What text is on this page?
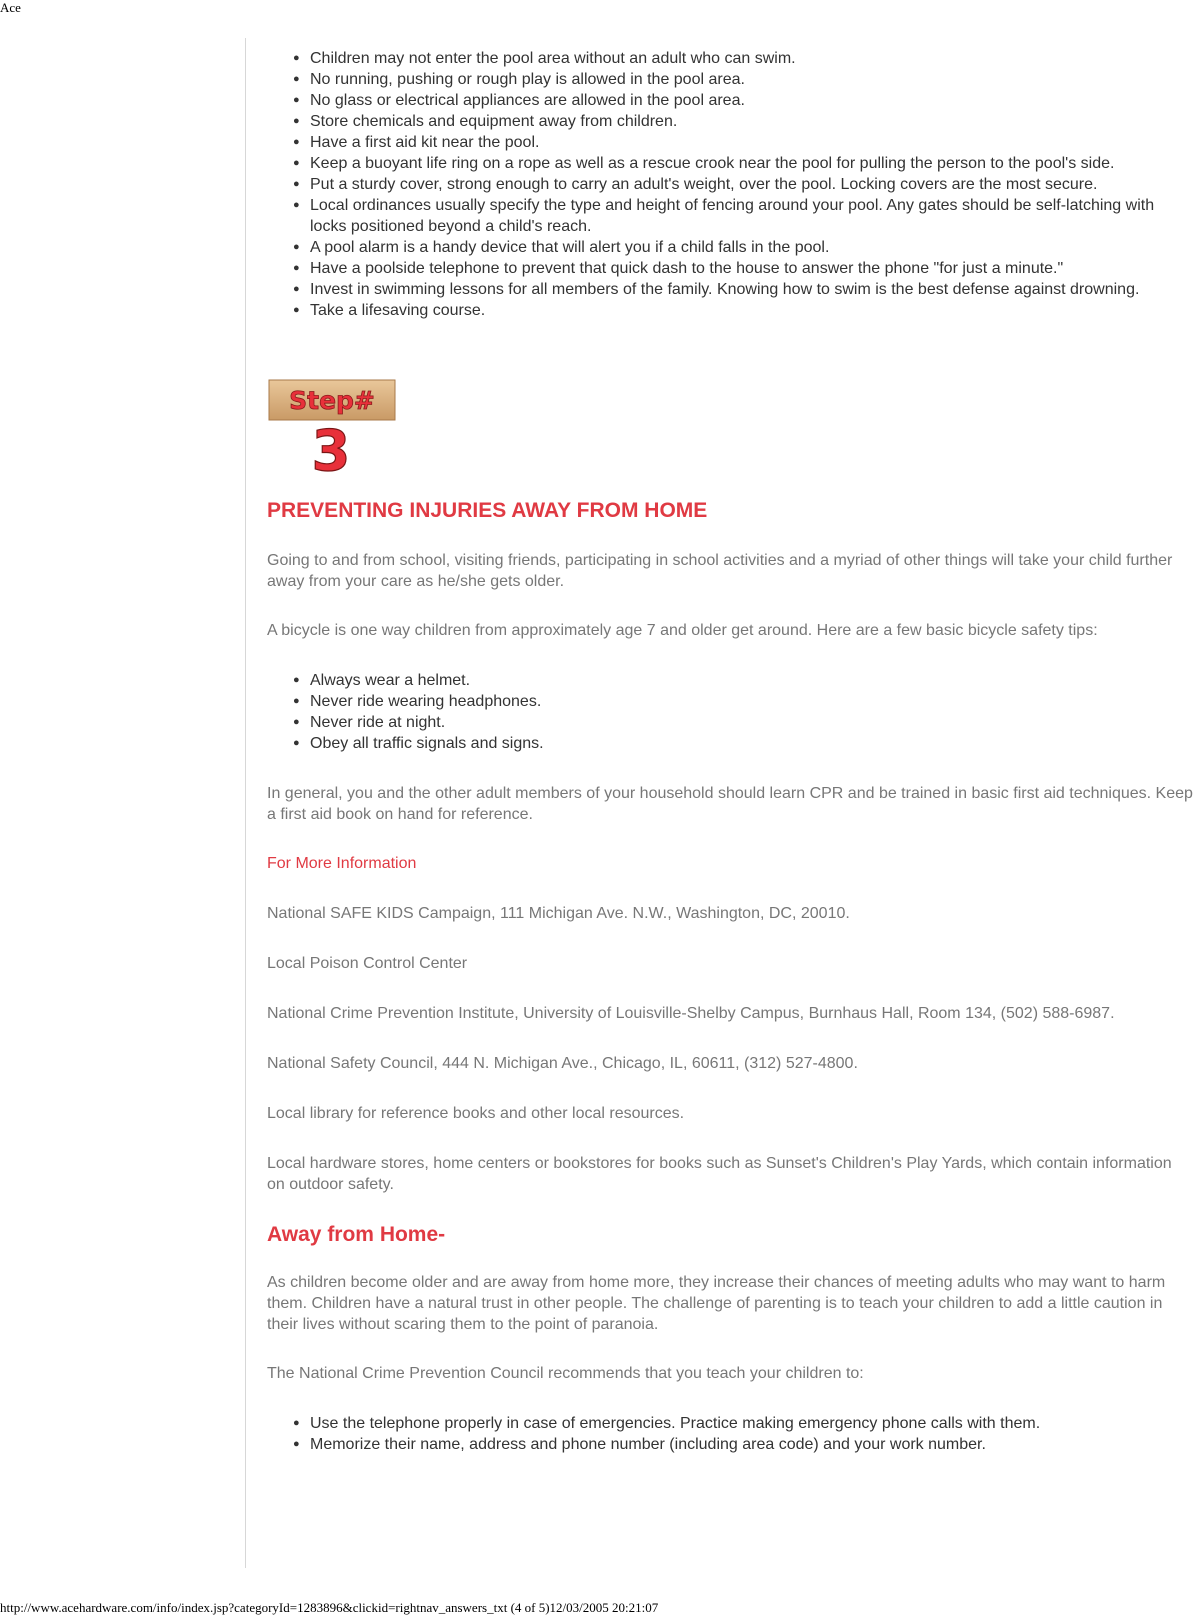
Ace
● Children may not enter the pool area without an adult who can swim.
● No running, pushing or rough play is allowed in the pool area.
● No glass or electrical appliances are allowed in the pool area.
● Store chemicals and equipment away from children.
● Have a first aid kit near the pool.
● Keep a buoyant life ring on a rope as well as a rescue crook near the pool for pulling the person to the pool's side.
● Put a sturdy cover, strong enough to carry an adult's weight, over the pool. Locking covers are the most secure.
● Local ordinances usually specify the type and height of fencing around your pool. Any gates should be self-latching with locks positioned beyond a child's reach.
● A pool alarm is a handy device that will alert you if a child falls in the pool.
● Have a poolside telephone to prevent that quick dash to the house to answer the phone "for just a minute."
● Invest in swimming lessons for all members of the family. Knowing how to swim is the best defense against drowning.
● Take a lifesaving course.
Step#
3
PREVENTING INJURIES AWAY FROM HOME

Going to and from school, visiting friends, participating in school activities and a myriad of other things will take your child further away from your care as he/she gets older.

A bicycle is one way children from approximately age 7 and older get around. Here are a few basic bicycle safety tips:

● Always wear a helmet.
● Never ride wearing headphones.
● Never ride at night.
● Obey all traffic signals and signs.

In general, you and the other adult members of your household should learn CPR and be trained in basic first aid techniques. Keep a first aid book on hand for reference.

For More Information

National SAFE KIDS Campaign, 111 Michigan Ave. N.W., Washington, DC, 20010.

Local Poison Control Center

National Crime Prevention Institute, University of Louisville-Shelby Campus, Burnhaus Hall, Room 134, (502) 588-6987.

National Safety Council, 444 N. Michigan Ave., Chicago, IL, 60611, (312) 527-4800.

Local library for reference books and other local resources.

Local hardware stores, home centers or bookstores for books such as Sunset's Children's Play Yards, which contain information on outdoor safety.

Away from Home-

As children become older and are away from home more, they increase their chances of meeting adults who may want to harm them. Children have a natural trust in other people. The challenge of parenting is to teach your children to add a little caution in their lives without scaring them to the point of paranoia.

The National Crime Prevention Council recommends that you teach your children to:

● Use the telephone properly in case of emergencies. Practice making emergency phone calls with them.
● Memorize their name, address and phone number (including area code) and your work number.
http://www.acehardware.com/info/index.jsp?categoryId=1283896&clickid=rightnav_answers_txt (4 of 5)12/03/2005 20:21:07
